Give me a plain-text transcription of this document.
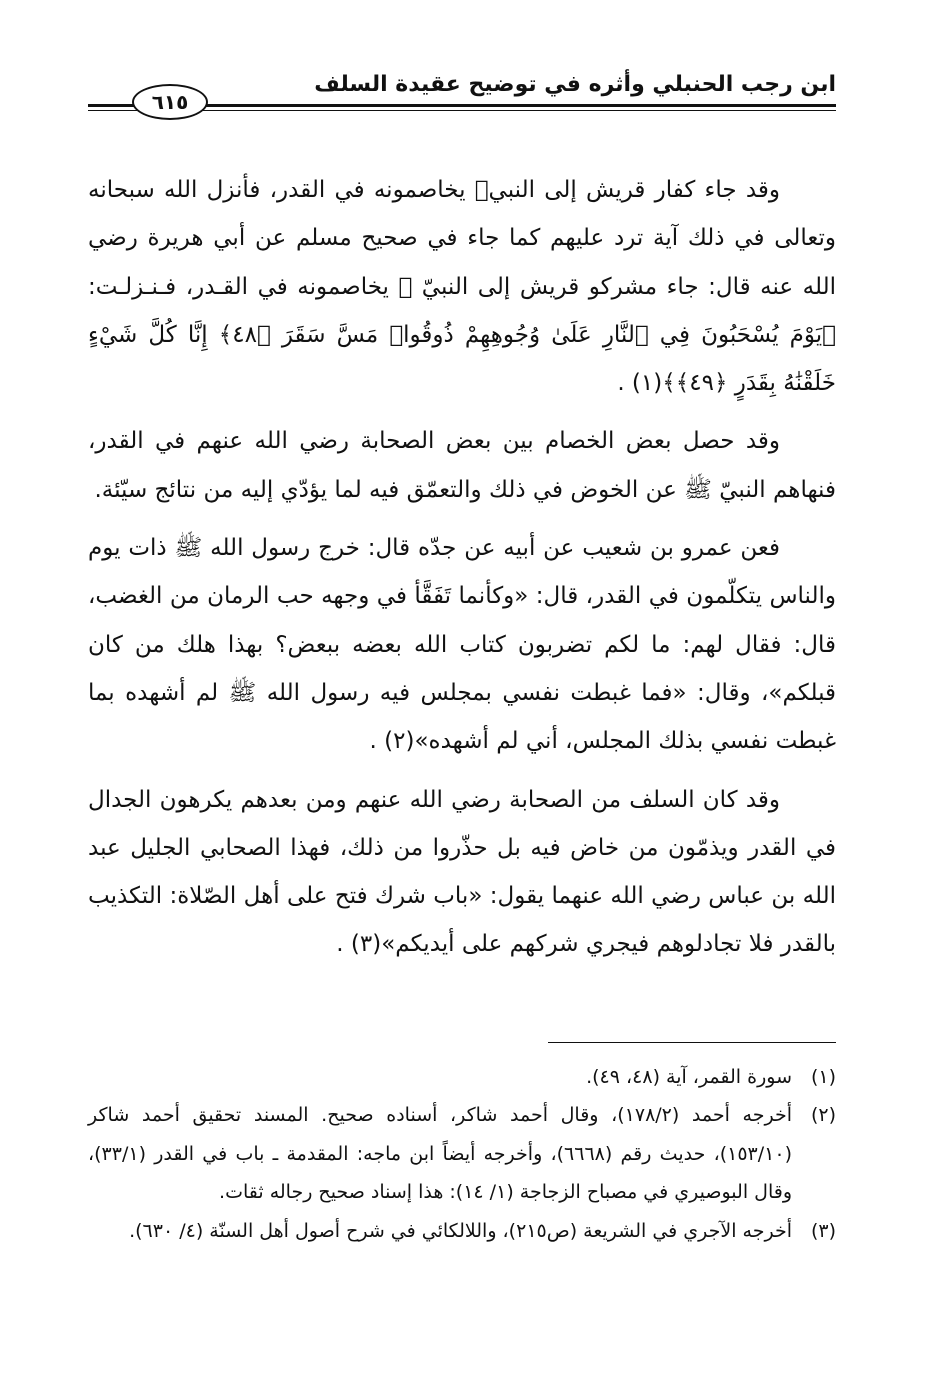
ابن رجب الحنبلي وأثره في توضيح عقيدة السلف
٦١٥

وقد جاء كفار قريش إلى النبيﷺ يخاصمونه في القدر، فأنزل الله سبحانه وتعالى في ذلك آية ترد عليهم كما جاء في صحيح مسلم عن أبي هريرة رضي الله عنه قال: جاء مشركو قريش إلى النبيّ ﷺ يخاصمونه في القـدر، فـنـزلـت: ﴿يَوْمَ يُسْحَبُونَ فِي ٱلنَّارِ عَلَىٰ وُجُوهِهِمْ ذُوقُوا۟ مَسَّ سَقَرَ ﴿٤٨﴾ إِنَّا كُلَّ شَيْءٍ خَلَقْنَٰهُ بِقَدَرٍ ﴿٤٩﴾﴾(١) .

وقد حصل بعض الخصام بين بعض الصحابة رضي الله عنهم في القدر، فنهاهم النبيّ ﷺ عن الخوض في ذلك والتعمّق فيه لما يؤدّي إليه من نتائج سيّئة.

فعن عمرو بن شعيب عن أبيه عن جدّه قال: خرج رسول الله ﷺ ذات يوم والناس يتكلّمون في القدر، قال: «وكأنما تَفَقَّأ في وجهه حب الرمان من الغضب، قال: فقال لهم: ما لكم تضربون كتاب الله بعضه ببعض؟ بهذا هلك من كان قبلكم»، وقال: «فما غبطت نفسي بمجلس فيه رسول الله ﷺ لم أشهده بما غبطت نفسي بذلك المجلس، أني لم أشهده»(٢) .

وقد كان السلف من الصحابة رضي الله عنهم ومن بعدهم يكرهون الجدال في القدر ويذمّون من خاض فيه بل حذّروا من ذلك، فهذا الصحابي الجليل عبد الله بن عباس رضي الله عنهما يقول: «باب شرك فتح على أهل الصّلاة: التكذيب بالقدر فلا تجادلوهم فيجري شركهم على أيديكم»(٣) .

(١)
سورة القمر، آية (٤٨، ٤٩).

(٢)
أخرجه أحمد (١٧٨/٢)، وقال أحمد شاكر، أسناده صحيح. المسند تحقيق أحمد شاكر (١٥٣/١٠)، حديث رقم (٦٦٦٨)، وأخرجه أيضاً ابن ماجه: المقدمة ـ باب في القدر (٣٣/١)، وقال البوصيري في مصباح الزجاجة (١/ ١٤): هذا إسناد صحيح رجاله ثقات.

(٣)
أخرجه الآجري في الشريعة (ص٢١٥)، واللالكائي في شرح أصول أهل السنّة (٤/ ٦٣٠).
